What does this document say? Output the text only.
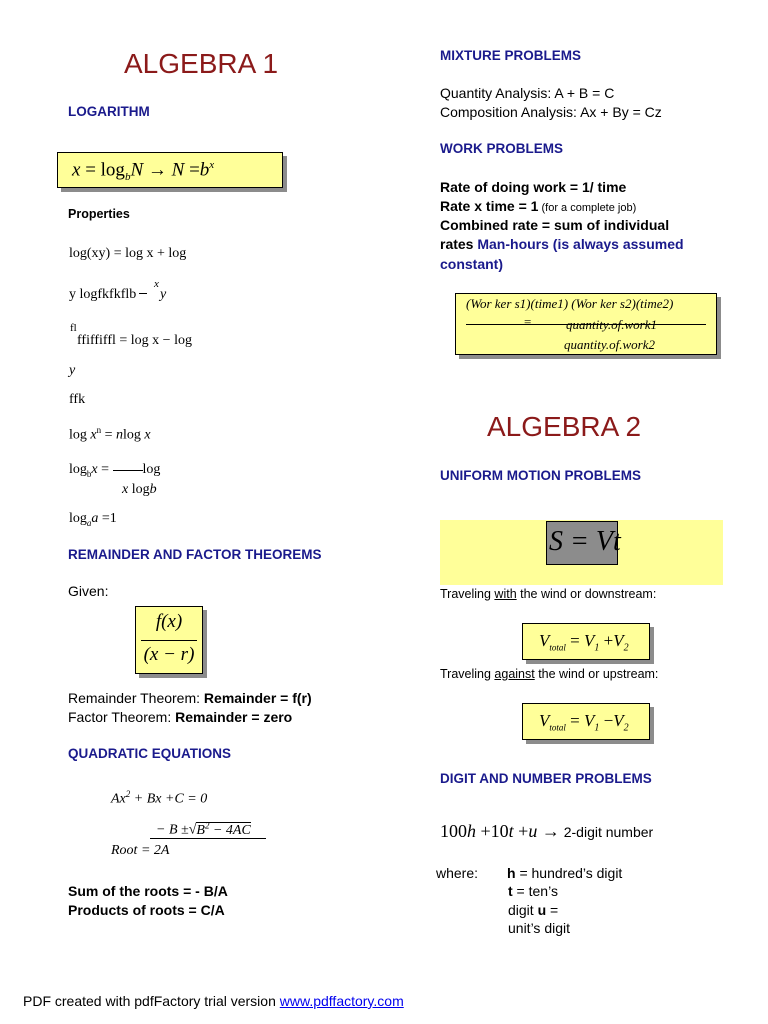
ALGEBRA 1
LOGARITHM
$x = \log_bN \to N =b^x$
Properties
log(xy) = log x + log
y logfkfkflb
x
y
fl
ffiffiffl = log x − log
y
ffk
$\log x^n = nlog$ x
$\log_bx = \log$
x logb
$\log_aa =1$
REMAINDER AND FACTOR THEOREMS
Given:
f(x)
(x − r)
Remainder Theorem: Remainder = f(r)
Factor Theorem: Remainder = zero
QUADRATIC EQUATIONS
$Ax^2 + Bx +C = 0$
− $B \pm√B^2 - 4AC$
Root = 2A
Sum of the roots = - B/A
Products of roots = C/A
MIXTURE PROBLEMS
Quantity Analysis: A + B = C
Composition Analysis: Ax + By = Cz
WORK PROBLEMS
Rate of doing work = 1/ time
Rate x time = 1 (for a complete job)
Combined rate = sum of individual
rates Man-hours (is always assumed
constant)
(Wor ker s1)(time1) (Wor ker s2)(time2)
=	quantity.of.work1
quantity.of.work2
ALGEBRA 2
UNIFORM MOTION PROBLEMS
S = Vt
Traveling with the wind or downstream:
$V_{total} = V_1 +V_2$
Traveling against the wind or upstream:
$V_{total} = V_1 -V_2$
DIGIT AND NUMBER PROBLEMS
100h +10t +u → 2-digit number
where: h = hundred’s digit
t = ten’s
digit u =
unit’s digit
PDF created with pdfFactory trial version www.pdffactory.com
